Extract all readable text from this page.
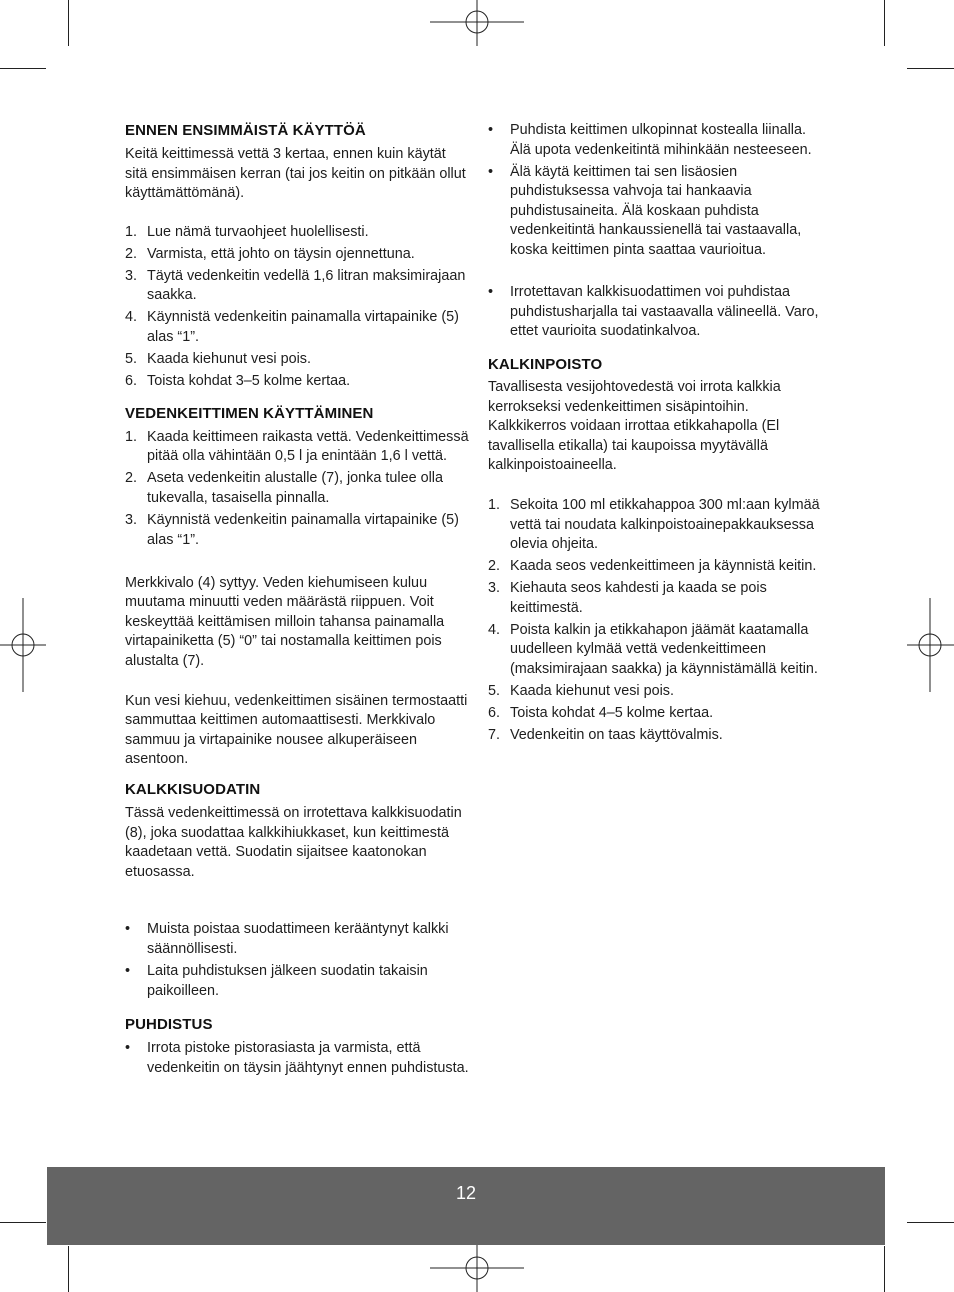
ENNEN ENSIMMÄISTÄ KÄYTTÖÄ

Keitä keittimessä vettä 3 kertaa, ennen kuin käytät sitä ensimmäisen kerran (tai jos keitin on pitkään ollut käyttämättömänä).

1. Lue nämä turvaohjeet huolellisesti.
2. Varmista, että johto on täysin ojennettuna.
3. Täytä vedenkeitin vedellä 1,6 litran maksimirajaan saakka.
4. Käynnistä vedenkeitin painamalla virtapainike (5) alas “1”.
5. Kaada kiehunut vesi pois.
6. Toista kohdat 3–5 kolme kertaa.
VEDENKEITTIMEN KÄYTTÄMINEN
1. Kaada keittimeen raikasta vettä. Vedenkeittimessä pitää olla vähintään 0,5 l ja enintään 1,6 l vettä.
2. Aseta vedenkeitin alustalle (7), jonka tulee olla tukevalla, tasaisella pinnalla.
3. Käynnistä vedenkeitin painamalla virtapainike (5) alas “1”.

Merkkivalo (4) syttyy. Veden kiehumiseen kuluu muutama minuutti veden määrästä riippuen. Voit keskeyttää keittämisen milloin tahansa painamalla virtapainiketta (5) “0” tai nostamalla keittimen pois alustalta (7).

Kun vesi kiehuu, vedenkeittimen sisäinen termostaatti sammuttaa keittimen automaattisesti. Merkkivalo sammuu ja virtapainike nousee alkuperäiseen asentoon.

KALKKISUODATIN

Tässä vedenkeittimessä on irrotettava kalkkisuodatin (8), joka suodattaa kalkkihiukkaset, kun keittimestä kaadetaan vettä. Suodatin sijaitsee kaatonokan etuosassa.

• Muista poistaa suodattimeen kerääntynyt kalkki säännöllisesti.
• Laita puhdistuksen jälkeen suodatin takaisin paikoilleen.
PUHDISTUS
• Irrota pistoke pistorasiasta ja varmista, että vedenkeitin on täysin jäähtynyt ennen puhdistusta.
• Puhdista keittimen ulkopinnat kostealla liinalla. Älä upota vedenkeitintä mihinkään nesteeseen.
• Älä käytä keittimen tai sen lisäosien puhdistuksessa vahvoja tai hankaavia puhdistusaineita. Älä koskaan puhdista vedenkeitintä hankaussienellä tai vastaavalla, koska keittimen pinta saattaa vaurioitua.
• Irrotettavan kalkkisuodattimen voi puhdistaa puhdistusharjalla tai vastaavalla välineellä. Varo, ettet vaurioita suodatinkalvoa.
KALKINPOISTO

Tavallisesta vesijohtovedestä voi irrota kalkkia kerrokseksi vedenkeittimen sisäpintoihin. Kalkkikerros voidaan irrottaa etikkahapolla (El tavallisella etikalla) tai kaupoissa myytävällä kalkinpoistoaineella.

1. Sekoita 100 ml etikkahappoa 300 ml:aan kylmää vettä tai noudata kalkinpoistoainepakkauksessa olevia ohjeita.
2. Kaada seos vedenkeittimeen ja käynnistä keitin.
3. Kiehauta seos kahdesti ja kaada se pois keittimestä.
4. Poista kalkin ja etikkahapon jäämät kaatamalla uudelleen kylmää vettä vedenkeittimeen (maksimirajaan saakka) ja käynnistämällä keitin.
5. Kaada kiehunut vesi pois.
6. Toista kohdat 4–5 kolme kertaa.
7. Vedenkeitin on taas käyttövalmis.
12
